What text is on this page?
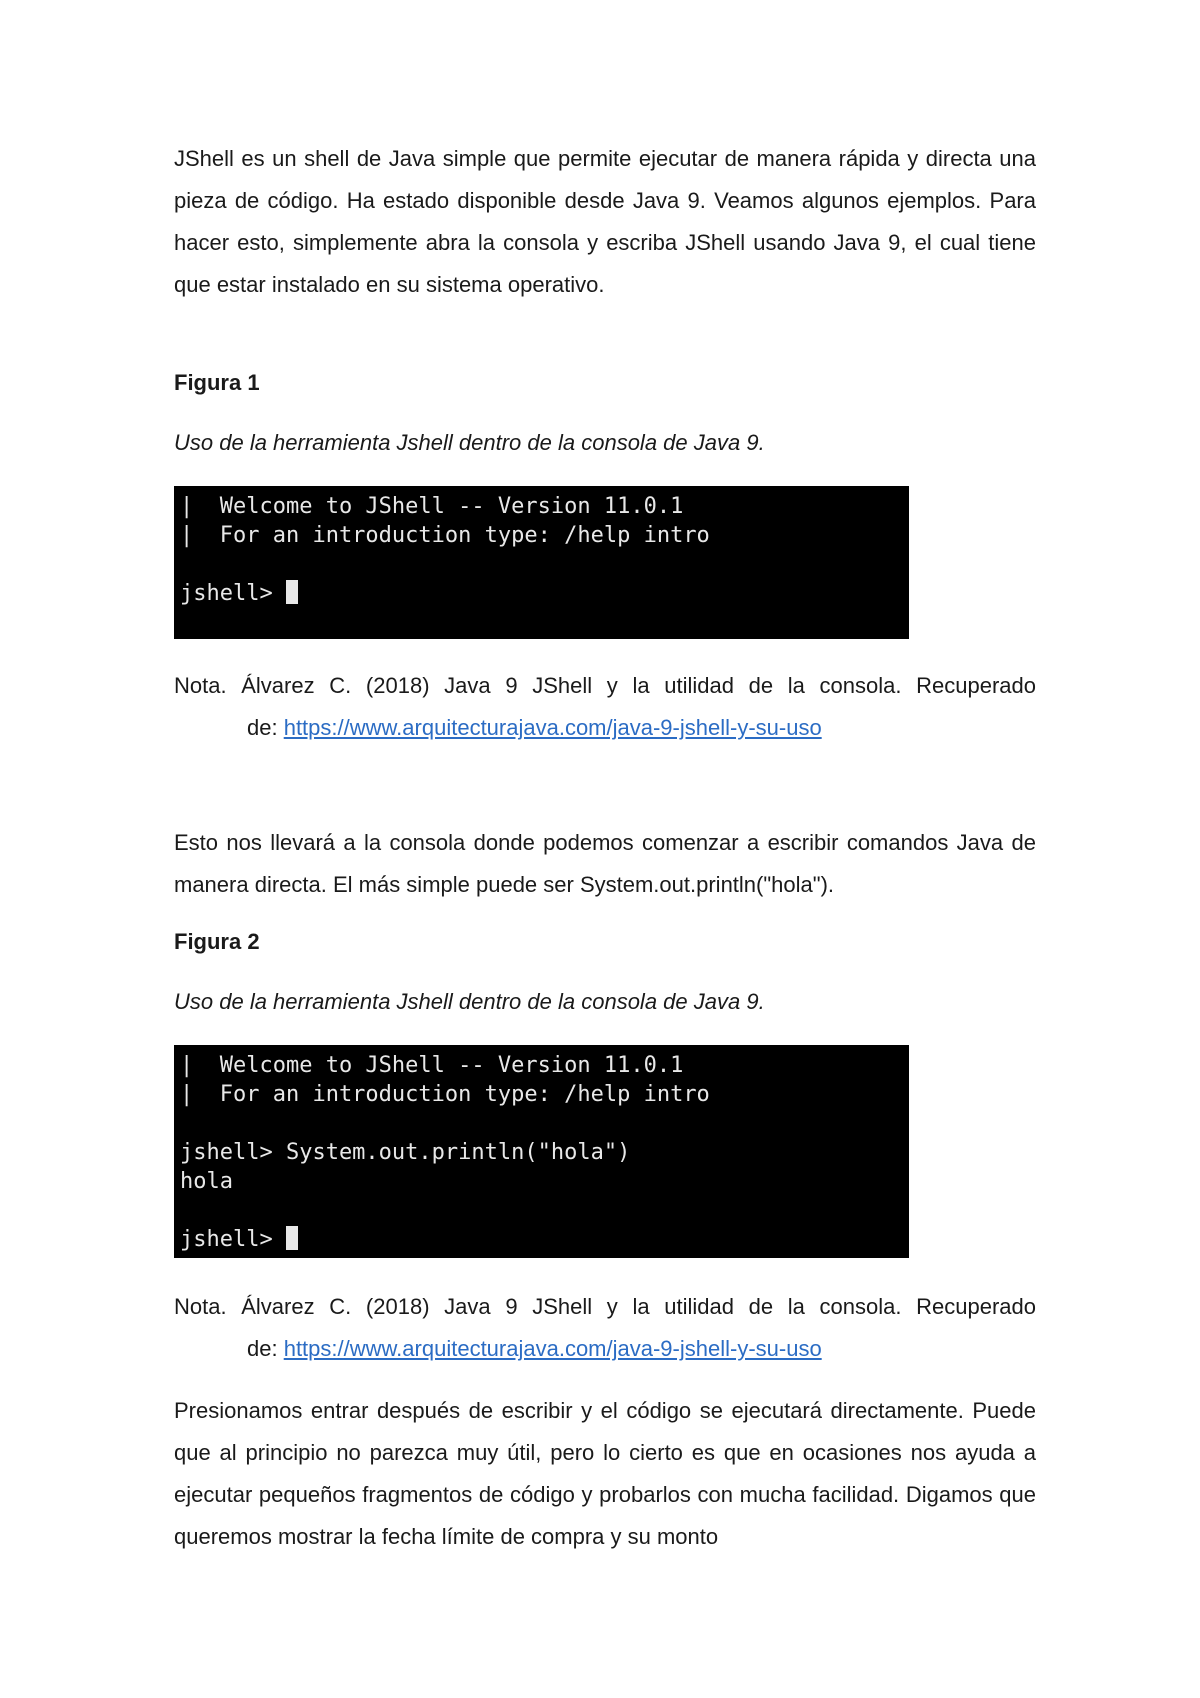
JShell es un shell de Java simple que permite ejecutar de manera rápida y directa una pieza de código. Ha estado disponible desde Java 9. Veamos algunos ejemplos. Para hacer esto, simplemente abra la consola y escriba JShell usando Java 9, el cual tiene que estar instalado en su sistema operativo.

Figura 1

Uso de la herramienta Jshell dentro de la consola de Java 9.

|  Welcome to JShell -- Version 11.0.1
|  For an introduction type: /help intro
jshell>

Nota. Álvarez C. (2018) Java 9 JShell y la utilidad de la consola. Recuperado
de: https://www.arquitecturajava.com/java-9-jshell-y-su-uso

Esto nos llevará a la consola donde podemos comenzar a escribir comandos Java de manera directa. El más simple puede ser System.out.println("hola").

Figura 2

Uso de la herramienta Jshell dentro de la consola de Java 9.

|  Welcome to JShell -- Version 11.0.1
|  For an introduction type: /help intro
jshell> System.out.println("hola")
hola
jshell>

Nota. Álvarez C. (2018) Java 9 JShell y la utilidad de la consola. Recuperado
de: https://www.arquitecturajava.com/java-9-jshell-y-su-uso

Presionamos entrar después de escribir y el código se ejecutará directamente. Puede que al principio no parezca muy útil, pero lo cierto es que en ocasiones nos ayuda a ejecutar pequeños fragmentos de código y probarlos con mucha facilidad. Digamos que queremos mostrar la fecha límite de compra y su monto
